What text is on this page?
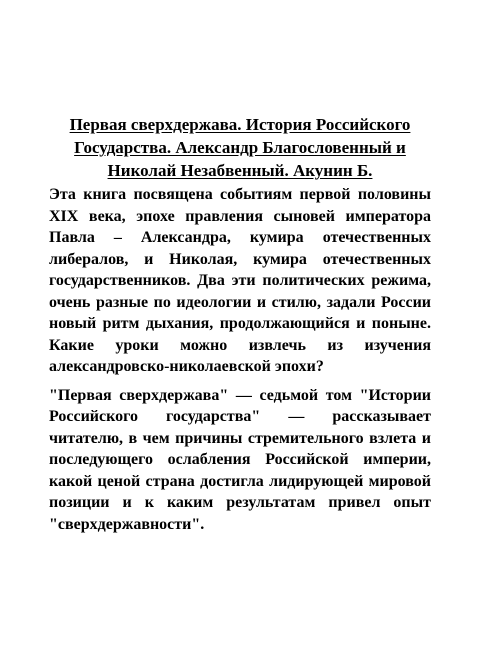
Первая сверхдержава. История Российского Государства. Александр Благословенный и Николай Незабвенный. Акунин Б.

Эта книга посвящена событиям первой половины XIX века, эпохе правления сыновей императора Павла – Александра, кумира отечественных либералов, и Николая, кумира отечественных государственников. Два эти политических режима, очень разные по идеологии и стилю, задали России новый ритм дыхания, продолжающийся и поныне. Какие уроки можно извлечь из изучения александровско-николаевской эпохи?

"Первая сверхдержава" — седьмой том "Истории Российского государства" — рассказывает читателю, в чем причины стремительного взлета и последующего ослабления Российской империи, какой ценой страна достигла лидирующей мировой позиции и к каким результатам привел опыт "сверхдержавности".
